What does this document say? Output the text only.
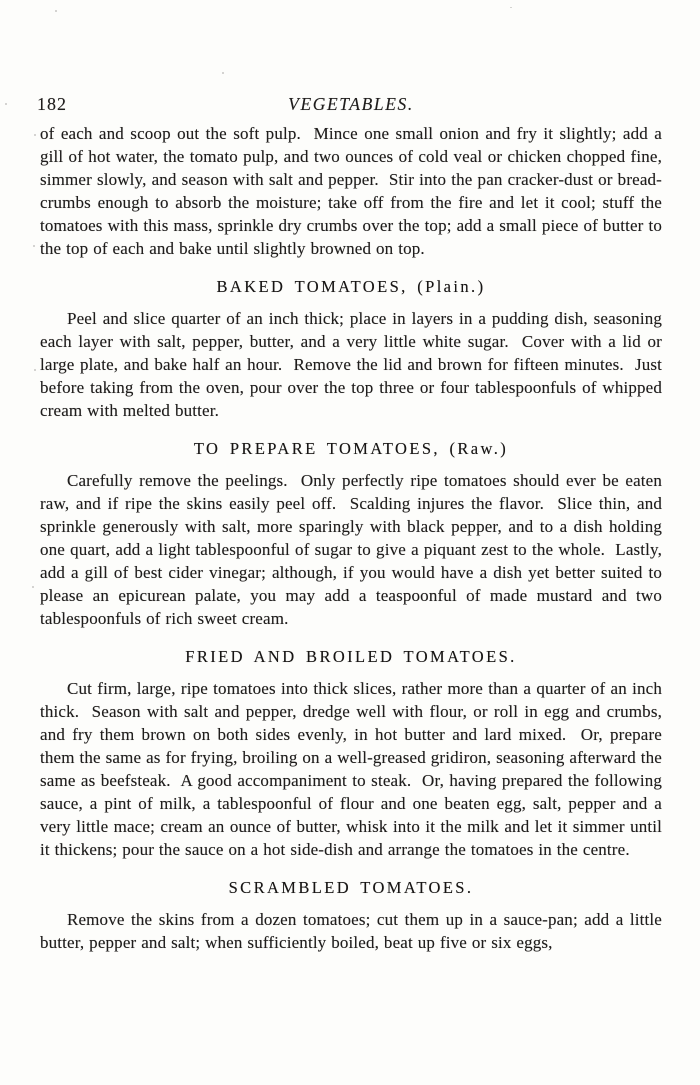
182	VEGETABLES.

of each and scoop out the soft pulp.  Mince one small onion and fry it slightly; add a gill of hot water, the tomato pulp, and two ounces of cold veal or chicken chopped fine, simmer slowly, and season with salt and pepper.  Stir into the pan cracker-dust or bread-crumbs enough to absorb the moisture; take off from the fire and let it cool; stuff the tomatoes with this mass, sprinkle dry crumbs over the top; add a small piece of butter to the top of each and bake until slightly browned on top.

BAKED TOMATOES, (Plain.)

Peel and slice quarter of an inch thick; place in layers in a pudding dish, seasoning each layer with salt, pepper, butter, and a very little white sugar.  Cover with a lid or large plate, and bake half an hour.  Remove the lid and brown for fifteen minutes.  Just before taking from the oven, pour over the top three or four tablespoonfuls of whipped cream with melted butter.

TO PREPARE TOMATOES, (Raw.)

Carefully remove the peelings.  Only perfectly ripe tomatoes should ever be eaten raw, and if ripe the skins easily peel off.  Scalding injures the flavor.  Slice thin, and sprinkle generously with salt, more sparingly with black pepper, and to a dish holding one quart, add a light tablespoonful of sugar to give a piquant zest to the whole.  Lastly, add a gill of best cider vinegar; although, if you would have a dish yet better suited to please an epicurean palate, you may add a teaspoonful of made mustard and two tablespoonfuls of rich sweet cream.

FRIED AND BROILED TOMATOES.

Cut firm, large, ripe tomatoes into thick slices, rather more than a quarter of an inch thick.  Season with salt and pepper, dredge well with flour, or roll in egg and crumbs, and fry them brown on both sides evenly, in hot butter and lard mixed.  Or, prepare them the same as for frying, broiling on a well-greased gridiron, seasoning afterward the same as beefsteak.  A good accompaniment to steak.  Or, having prepared the following sauce, a pint of milk, a tablespoonful of flour and one beaten egg, salt, pepper and a very little mace; cream an ounce of butter, whisk into it the milk and let it simmer until it thickens; pour the sauce on a hot side-dish and arrange the tomatoes in the centre.

SCRAMBLED TOMATOES.

Remove the skins from a dozen tomatoes; cut them up in a sauce-pan; add a little butter, pepper and salt; when sufficiently boiled, beat up five or six eggs,
